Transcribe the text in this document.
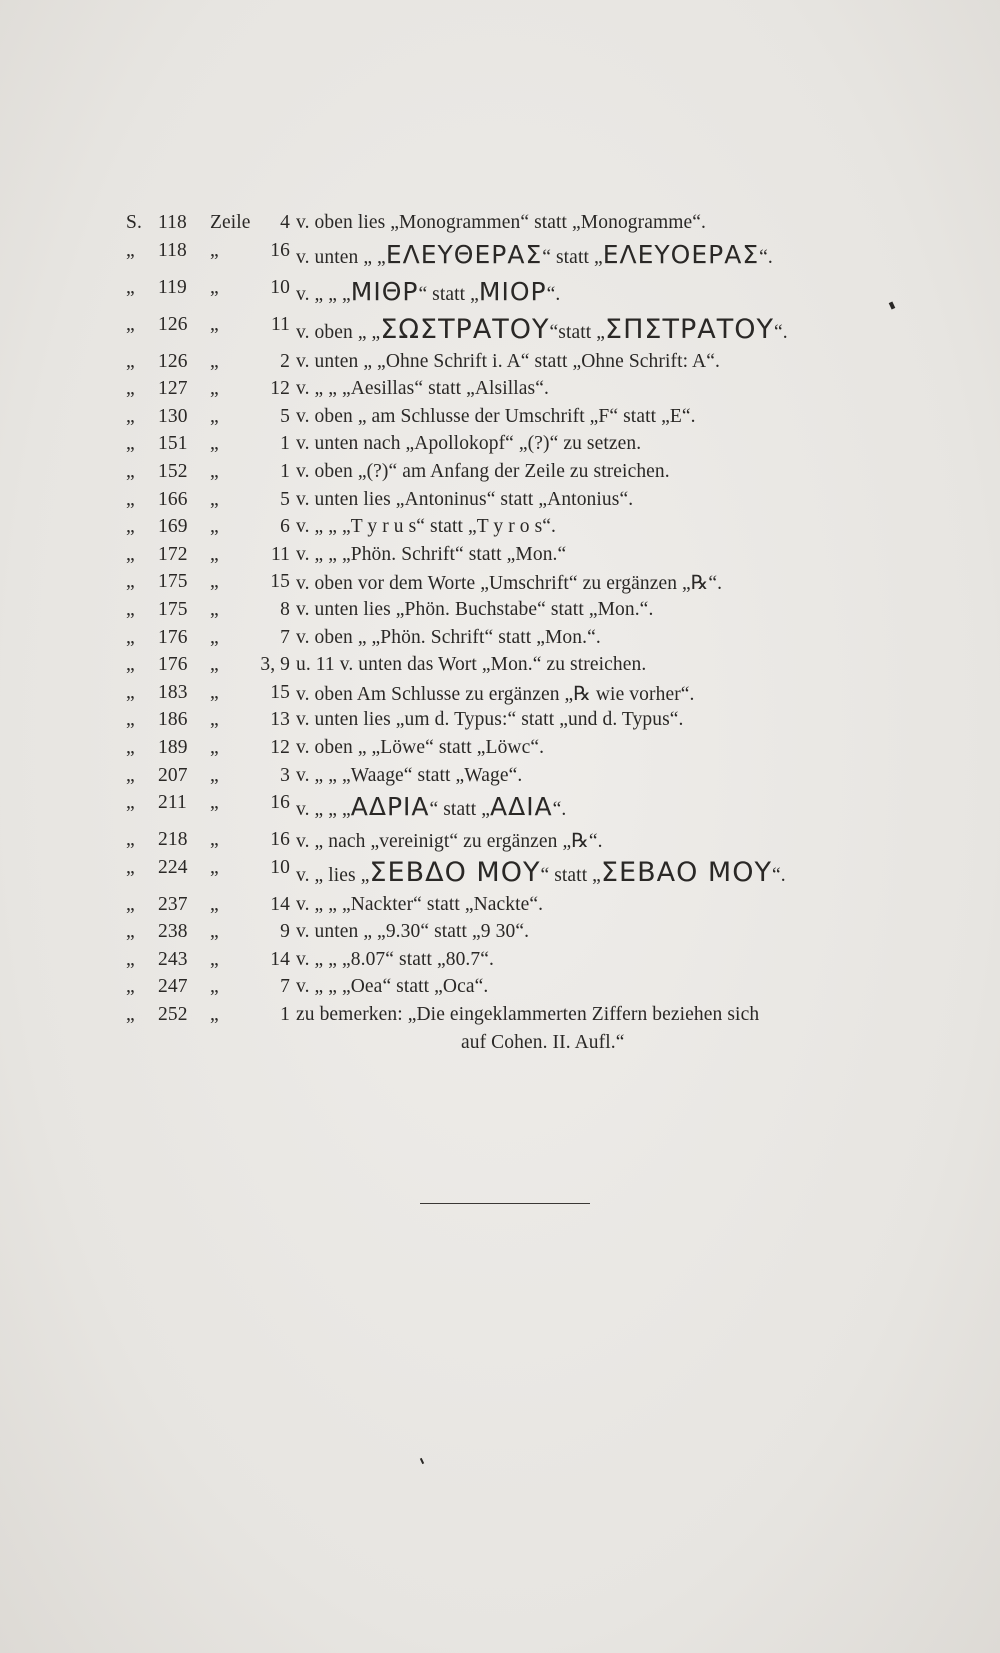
S. 118 Zeile	4 v. oben lies „Monogrammen“ statt „Monogramme“.
„	118 „	16 v. unten „ „ΕΛΕΥΘΕΡΑΣ“ statt „ΕΛΕΥΟΕΡΑΣ“.
„	119 „	10 v. „ „ „ΜΙΘΡ“ statt „ΜΙΟΡ“.
„	126 „	11 v. oben „ „ΣΩΣΤΡΑΤΟΥ“statt „ΣΠΣΤΡΑΤΟΥ“.
„	126 „	2 v. unten „ „Ohne Schrift i. A“ statt „Ohne Schrift: A“.
„	127 „	12 v. „ „ „Aesillas“ statt „Alsillas“.
„	130 „	5 v. oben „ am Schlusse der Umschrift „F“ statt „E“.
„	151 „	1 v. unten nach „Apollokopf“ „(?)“ zu setzen.
„	152 „	1 v. oben „(?)“ am Anfang der Zeile zu streichen.
„	166 „	5 v. unten lies „Antoninus“ statt „Antonius“.
„	169 „	6 v. „ „ „T y r u s“ statt „T y r o s“.
„	172 „	11 v. „ „ „Phön. Schrift“ statt „Mon.“
„	175 „	15 v. oben vor dem Worte „Umschrift“ zu ergänzen „℞“.
„	175 „	8 v. unten lies „Phön. Buchstabe“ statt „Mon.“.
„	176 „	7 v. oben „ „Phön. Schrift“ statt „Mon.“.
„	176 „	3, 9 u. 11 v. unten das Wort „Mon.“ zu streichen.
„	183 „	15 v. oben Am Schlusse zu ergänzen „℞ wie vorher“.
„	186 „	13 v. unten lies „um d. Typus:“ statt „und d. Typus“.
„	189 „	12 v. oben „ „Löwe“ statt „Löwc“.
„	207 „	3 v. „ „ „Waage“ statt „Wage“.
„	211 „	16 v. „ „ „ΑΔΡΙΑ“ statt „ΑΔΙΑ“.
„	218 „	16 v. „ nach „vereinigt“ zu ergänzen „℞“.
„	224 „	10 v. „ lies „ΣΕΒΔΟ ΜΟΥ“ statt „ΣΕΒΑΟ ΜΟΥ“.
„	237 „	14 v. „ „ „Nackter“ statt „Nackte“.
„	238 „	9 v. unten „ „9.30“ statt „9 30“.
„	243 „	14 v. „ „ „8.07“ statt „80.7“.
„	247 „	7 v. „ „ „Oea“ statt „Oca“.
„	252 „	1 zu bemerken: „Die eingeklammerten Ziffern beziehen sich
auf Cohen. II. Aufl.“
